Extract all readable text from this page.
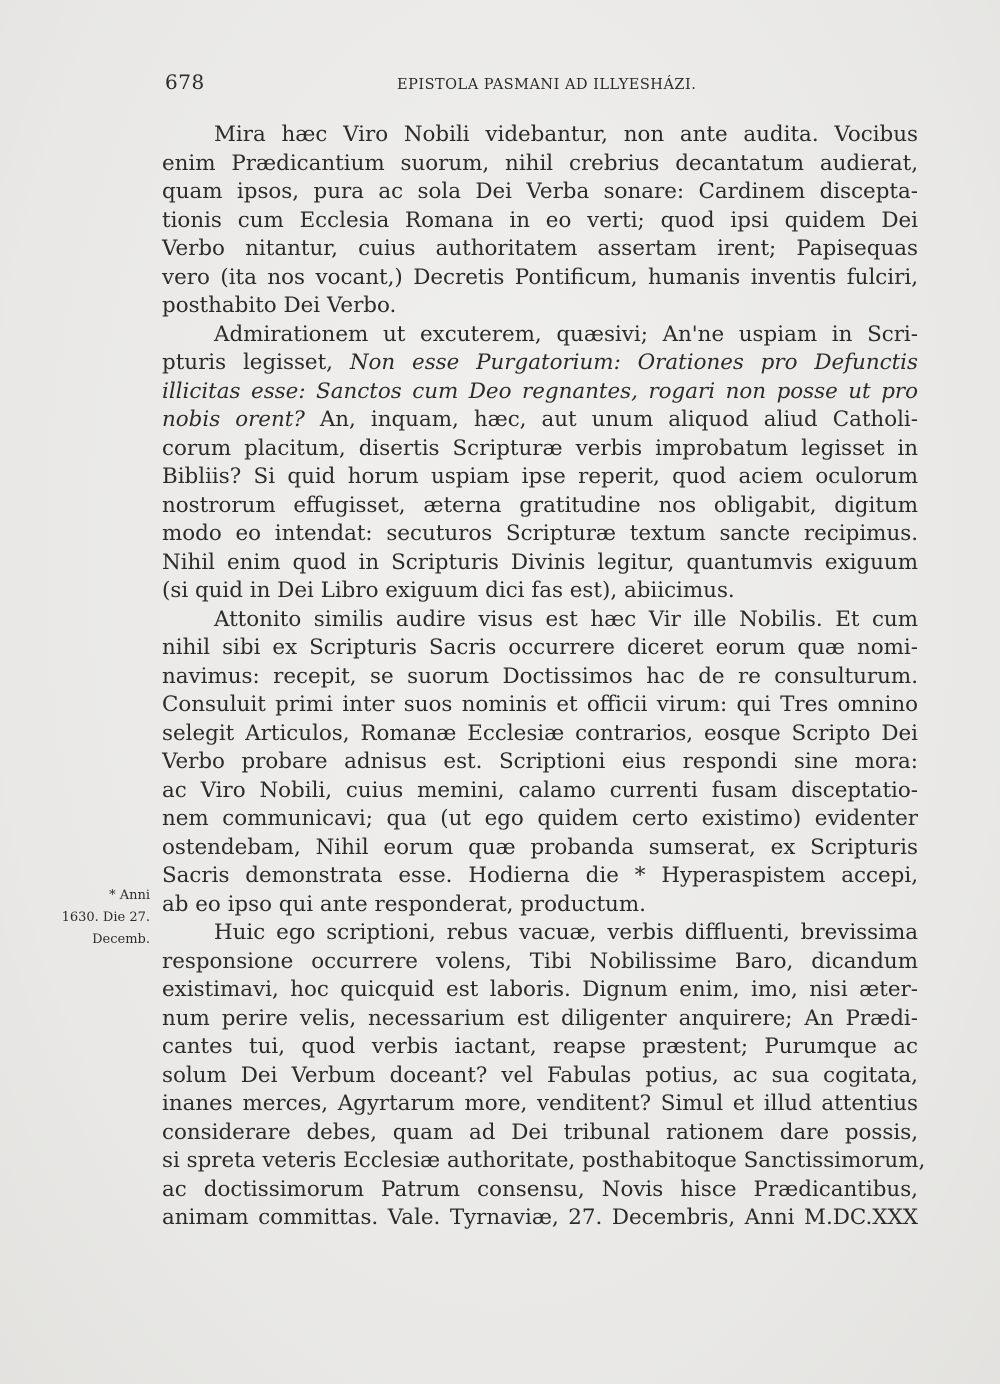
678	EPISTOLA PASMANI AD ILLYESHÁZI.
* Anni
1630. Die 27.
Decemb.
Mira hæc Viro Nobili videbantur, non ante audita. Vocibus
enim Prædicantium suorum, nihil crebrius decantatum audierat,
quam ipsos, pura ac sola Dei Verba sonare: Cardinem discepta-
tionis cum Ecclesia Romana in eo verti; quod ipsi quidem Dei
Verbo nitantur, cuius authoritatem assertam irent; Papisequas
vero (ita nos vocant,) Decretis Pontificum, humanis inventis fulciri,
posthabito Dei Verbo.
Admirationem ut excuterem, quæsivi; An'ne uspiam in Scri-
pturis legisset, Non esse Purgatorium: Orationes pro Defunctis
illicitas esse: Sanctos cum Deo regnantes, rogari non posse ut pro
nobis orent? An, inquam, hæc, aut unum aliquod aliud Catholi-
corum placitum, disertis Scripturæ verbis improbatum legisset in
Bibliis? Si quid horum uspiam ipse reperit, quod aciem oculorum
nostrorum effugisset, æterna gratitudine nos obligabit, digitum
modo eo intendat: secuturos Scripturæ textum sancte recipimus.
Nihil enim quod in Scripturis Divinis legitur, quantumvis exiguum
(si quid in Dei Libro exiguum dici fas est), abiicimus.
Attonito similis audire visus est hæc Vir ille Nobilis. Et cum
nihil sibi ex Scripturis Sacris occurrere diceret eorum quæ nomi-
navimus: recepit, se suorum Doctissimos hac de re consulturum.
Consuluit primi inter suos nominis et officii virum: qui Tres omnino
selegit Articulos, Romanæ Ecclesiæ contrarios, eosque Scripto Dei
Verbo probare adnisus est. Scriptioni eius respondi sine mora:
ac Viro Nobili, cuius memini, calamo currenti fusam disceptatio-
nem communicavi; qua (ut ego quidem certo existimo) evidenter
ostendebam, Nihil eorum quæ probanda sumserat, ex Scripturis
Sacris demonstrata esse. Hodierna die * Hyperaspistem accepi,
ab eo ipso qui ante responderat, productum.
Huic ego scriptioni, rebus vacuæ, verbis diffluenti, brevissima
responsione occurrere volens, Tibi Nobilissime Baro, dicandum
existimavi, hoc quicquid est laboris. Dignum enim, imo, nisi æter-
num perire velis, necessarium est diligenter anquirere; An Prædi-
cantes tui, quod verbis iactant, reapse præstent; Purumque ac
solum Dei Verbum doceant? vel Fabulas potius, ac sua cogitata,
inanes merces, Agyrtarum more, venditent? Simul et illud attentius
considerare debes, quam ad Dei tribunal rationem dare possis,
si spreta veteris Ecclesiæ authoritate, posthabitoque Sanctissimorum,
ac doctissimorum Patrum consensu, Novis hisce Prædicantibus,
animam committas. Vale. Tyrnaviæ, 27. Decembris, Anni M.DC.XXX
